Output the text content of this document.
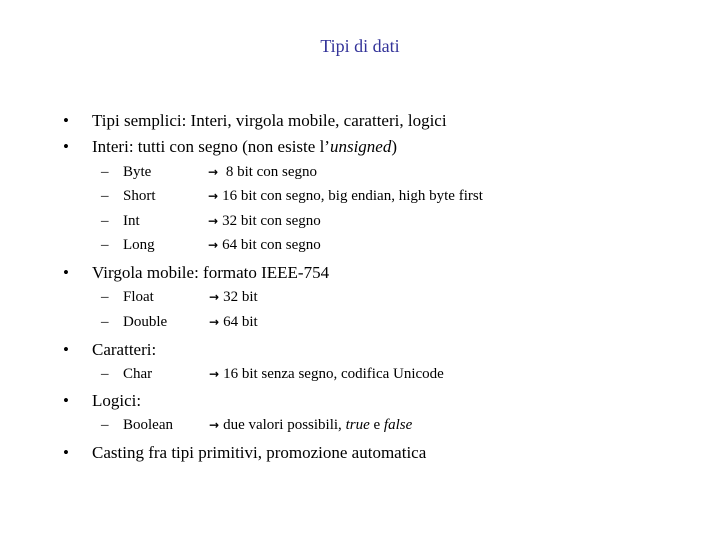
Tipi di dati
• Tipi semplici: Interi, virgola mobile, caratteri, logici
• Interi: tutti con segno (non esiste l’unsigned)
– Byte	→ 8 bit con segno
– Short	→ 16 bit con segno, big endian, high byte first
– Int	→ 32 bit con segno
– Long	→ 64 bit con segno
• Virgola mobile: formato IEEE-754
– Float	→ 32 bit
– Double	→ 64 bit
• Caratteri:
– Char	→ 16 bit senza segno, codifica Unicode
• Logici:
– Boolean	→ due valori possibili, true e false
• Casting fra tipi primitivi, promozione automatica
